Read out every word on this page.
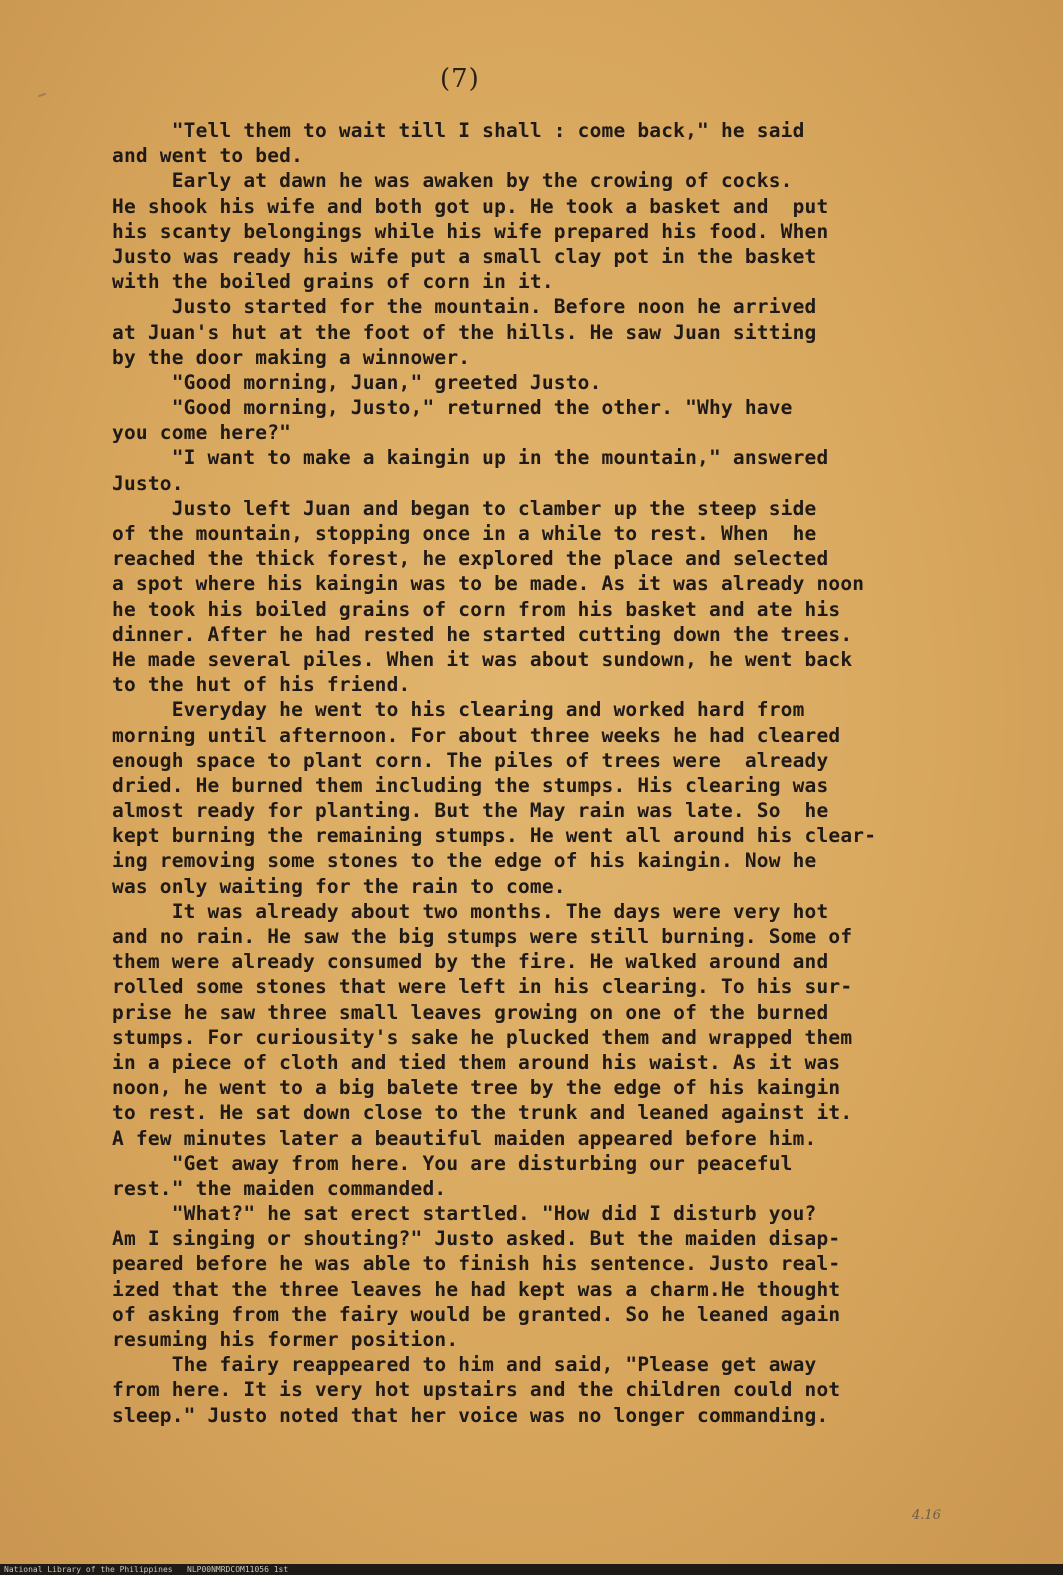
(7)
"Tell them to wait till I shall : come back," he said
and went to bed.
Early at dawn he was awaken by the crowing of cocks.
He shook his wife and both got up. He took a basket and  put
his scanty belongings while his wife prepared his food. When
Justo was ready his wife put a small clay pot in the basket
with the boiled grains of corn in it.
Justo started for the mountain. Before noon he arrived
at Juan's hut at the foot of the hills. He saw Juan sitting
by the door making a winnower.
"Good morning, Juan," greeted Justo.
"Good morning, Justo," returned the other. "Why have
you come here?"
"I want to make a kaingin up in the mountain," answered
Justo.
Justo left Juan and began to clamber up the steep side
of the mountain, stopping once in a while to rest. When  he
reached the thick forest, he explored the place and selected
a spot where his kaingin was to be made. As it was already noon
he took his boiled grains of corn from his basket and ate his
dinner. After he had rested he started cutting down the trees.
He made several piles. When it was about sundown, he went back
to the hut of his friend.
Everyday he went to his clearing and worked hard from
morning until afternoon. For about three weeks he had cleared
enough space to plant corn. The piles of trees were  already
dried. He burned them including the stumps. His clearing was
almost ready for planting. But the May rain was late. So  he
kept burning the remaining stumps. He went all around his clear-
ing removing some stones to the edge of his kaingin. Now he
was only waiting for the rain to come.
It was already about two months. The days were very hot
and no rain. He saw the big stumps were still burning. Some of
them were already consumed by the fire. He walked around and
rolled some stones that were left in his clearing. To his sur-
prise he saw three small leaves growing on one of the burned
stumps. For curiousity's sake he plucked them and wrapped them
in a piece of cloth and tied them around his waist. As it was
noon, he went to a big balete tree by the edge of his kaingin
to rest. He sat down close to the trunk and leaned against it.
A few minutes later a beautiful maiden appeared before him.
"Get away from here. You are disturbing our peaceful
rest." the maiden commanded.
"What?" he sat erect startled. "How did I disturb you?
Am I singing or shouting?" Justo asked. But the maiden disap-
peared before he was able to finish his sentence. Justo real-
ized that the three leaves he had kept was a charm.He thought
of asking from the fairy would be granted. So he leaned again
resuming his former position.
The fairy reappeared to him and said, "Please get away
from here. It is very hot upstairs and the children could not
sleep." Justo noted that her voice was no longer commanding.
4.16
National Library of the Philippines   NLP00NMRDCOM11056 1st
